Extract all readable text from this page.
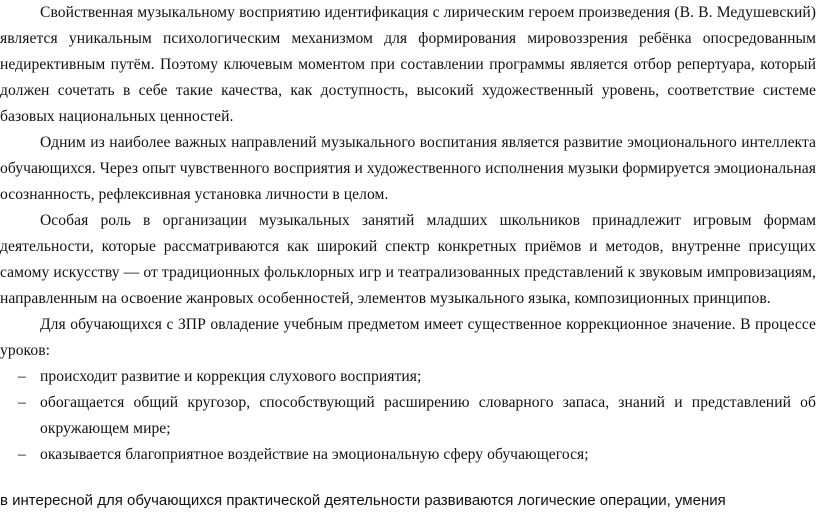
Свойственная музыкальному восприятию идентификация с лирическим героем произведения (В. В. Медушевский) является уникальным психологическим механизмом для формирования мировоззрения ребёнка опосредованным недирективным путём. Поэтому ключевым моментом при составлении программы является отбор репертуара, который должен сочетать в себе такие качества, как доступность, высокий художественный уровень, соответствие системе базовых национальных ценностей.

Одним из наиболее важных направлений музыкального воспитания является развитие эмоционального интеллекта обучающихся. Через опыт чувственного восприятия и художественного исполнения музыки формируется эмоциональная осознанность, рефлексивная установка личности в целом.

Особая роль в организации музыкальных занятий младших школьников принадлежит игровым формам деятельности, которые рассматриваются как широкий спектр конкретных приёмов и методов, внутренне присущих самому искусству — от традиционных фольклорных игр и театрализованных представлений к звуковым импровизациям, направленным на освоение жанровых особенностей, элементов музыкального языка, композиционных принципов.

Для обучающихся с ЗПР овладение учебным предметом имеет существенное коррекционное значение. В процессе уроков:

– происходит развитие и коррекция слухового восприятия;
– обогащается общий кругозор, способствующий расширению словарного запаса, знаний и представлений об окружающем мире;
– оказывается благоприятное воздействие на эмоциональную сферу обучающегося;
в интересной для обучающихся практической деятельности развиваются логические операции, умения
